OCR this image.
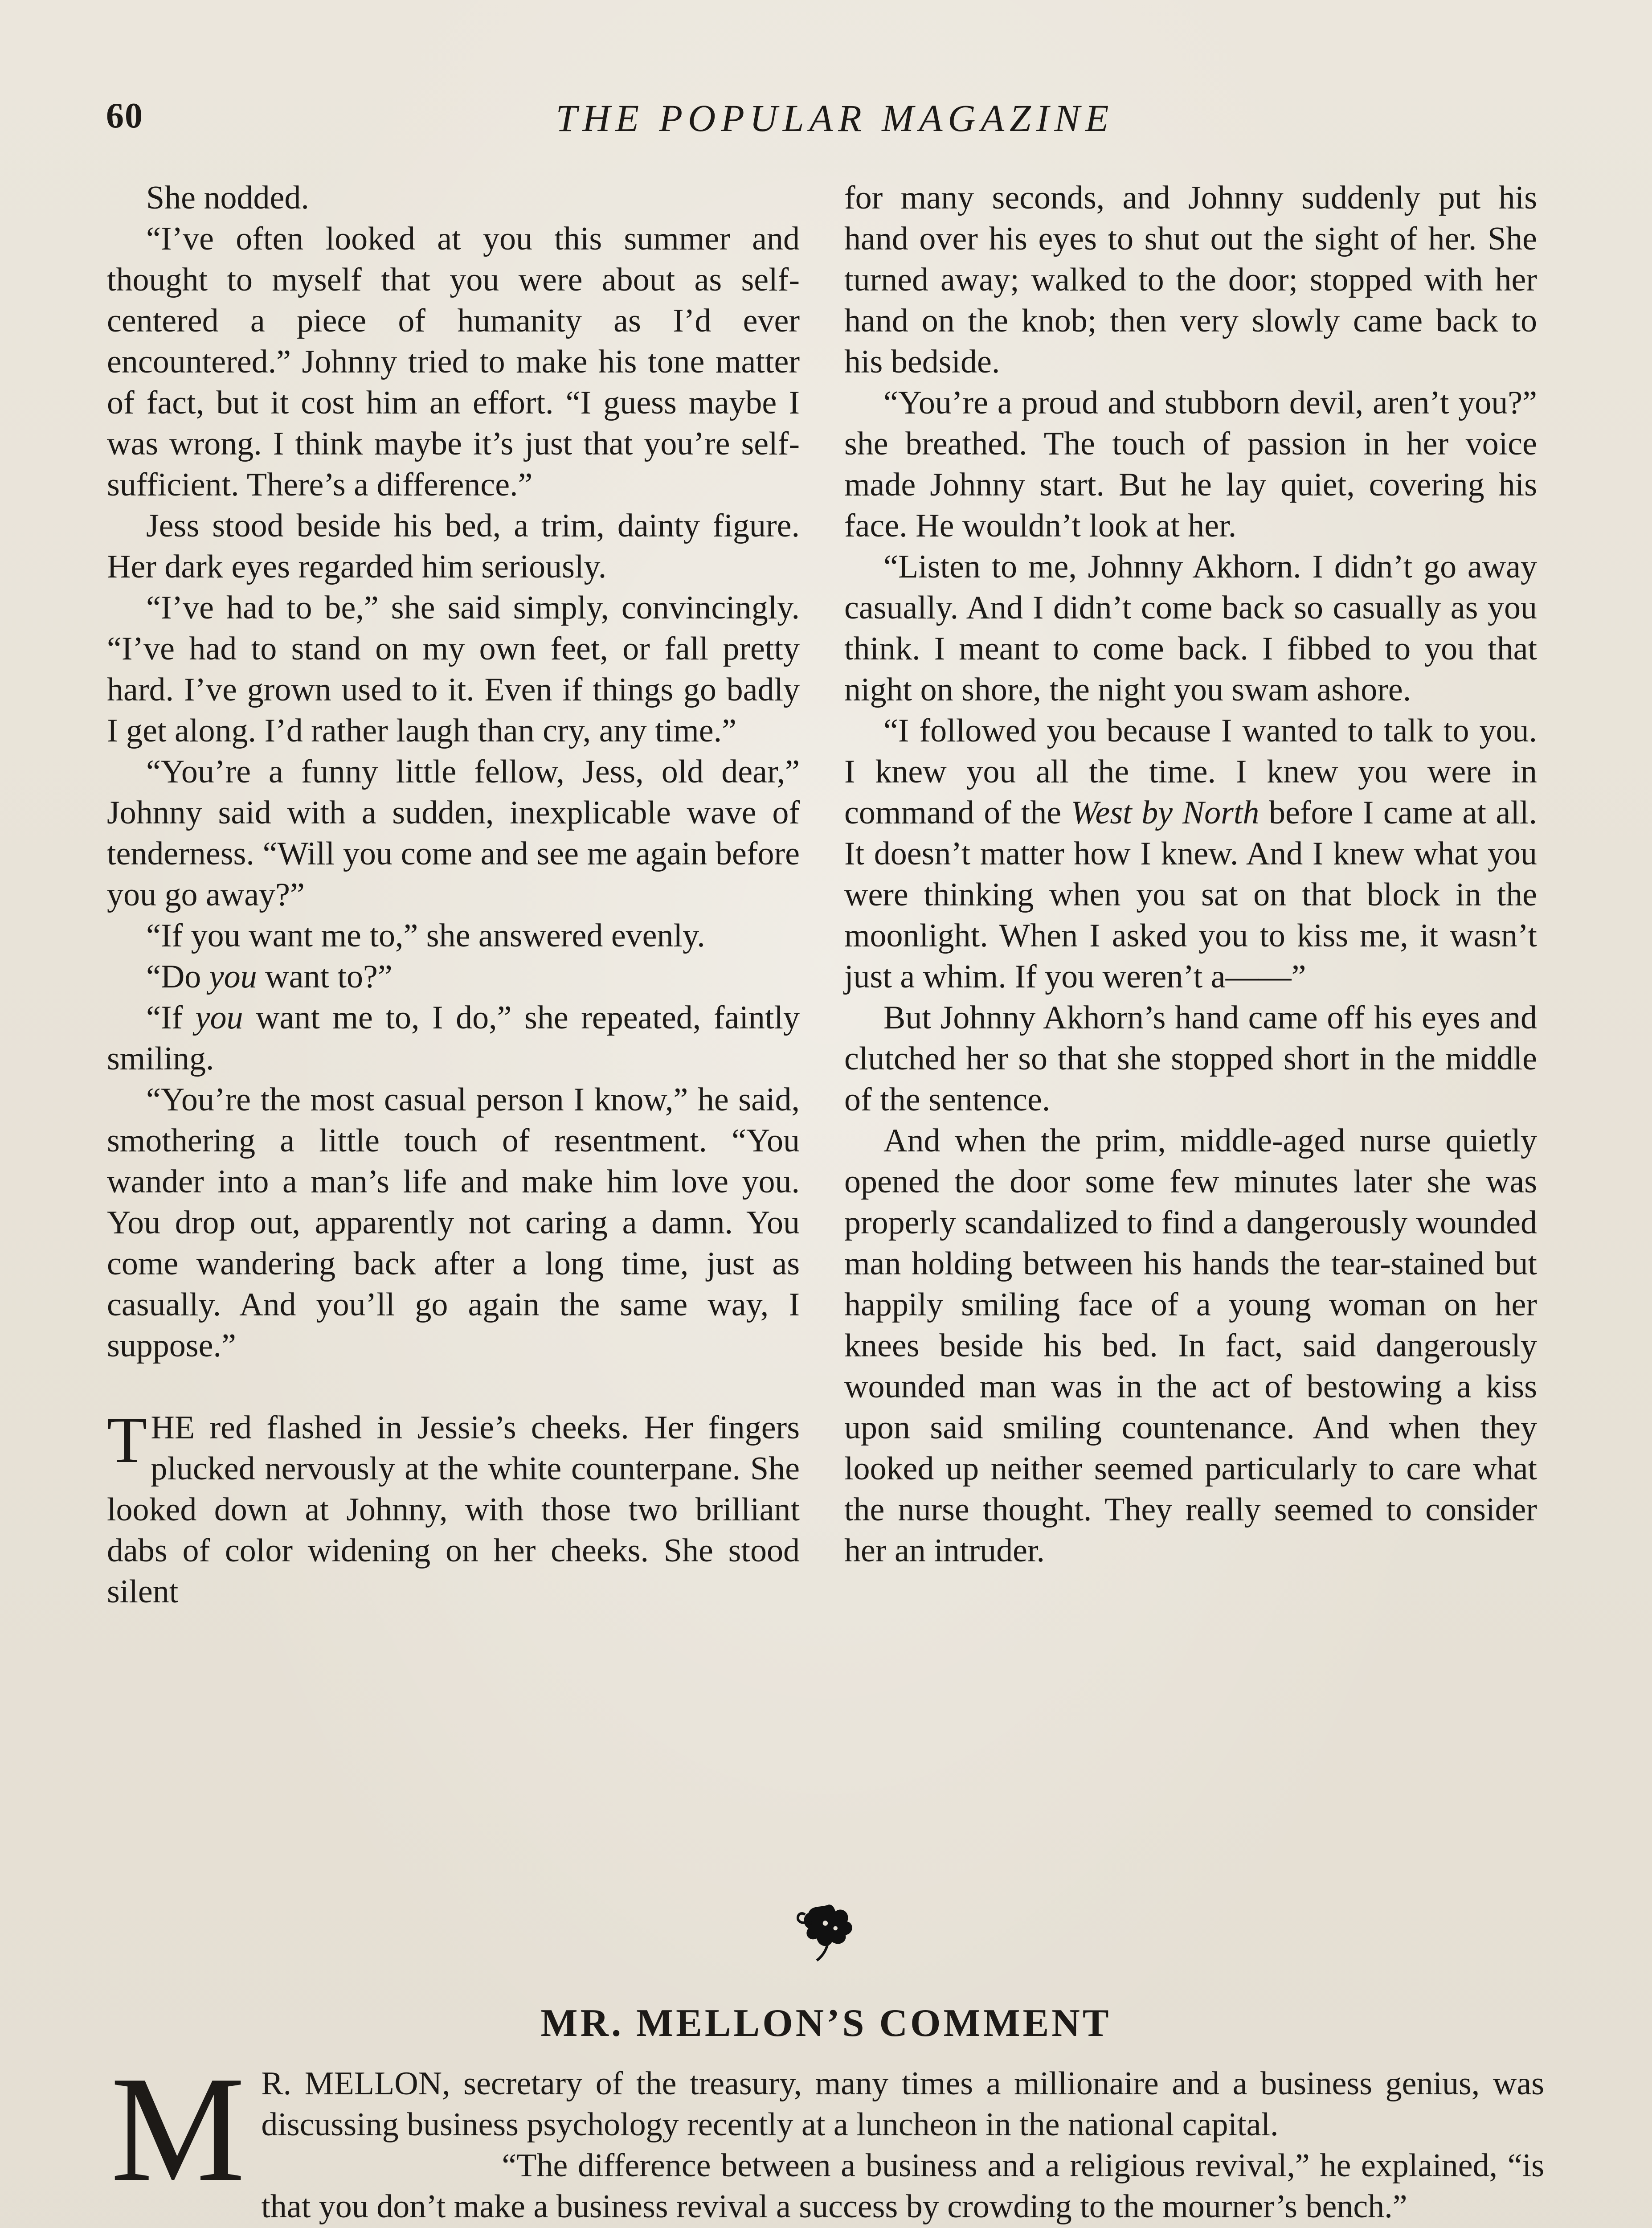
60	THE POPULAR MAGAZINE

She nodded.

“I’ve often looked at you this summer and thought to myself that you were about as self-centered a piece of humanity as I’d ever encountered.” Johnny tried to make his tone matter of fact, but it cost him an effort. “I guess maybe I was wrong. I think maybe it’s just that you’re self-sufficient. There’s a difference.”

Jess stood beside his bed, a trim, dainty figure. Her dark eyes regarded him seriously.

“I’ve had to be,” she said simply, convincingly. “I’ve had to stand on my own feet, or fall pretty hard. I’ve grown used to it. Even if things go badly I get along. I’d rather laugh than cry, any time.”

“You’re a funny little fellow, Jess, old dear,” Johnny said with a sudden, inexplicable wave of tenderness. “Will you come and see me again before you go away?”

“If you want me to,” she answered evenly.

“Do you want to?”

“If you want me to, I do,” she repeated, faintly smiling.

“You’re the most casual person I know,” he said, smothering a little touch of resentment. “You wander into a man’s life and make him love you. You drop out, apparently not caring a damn. You come wandering back after a long time, just as casually. And you’ll go again the same way, I suppose.”

THE red flashed in Jessie’s cheeks. Her fingers plucked nervously at the white counterpane. She looked down at Johnny, with those two brilliant dabs of color widening on her cheeks. She stood silent

for many seconds, and Johnny suddenly put his hand over his eyes to shut out the sight of her. She turned away; walked to the door; stopped with her hand on the knob; then very slowly came back to his bedside.

“You’re a proud and stubborn devil, aren’t you?” she breathed. The touch of passion in her voice made Johnny start. But he lay quiet, covering his face. He wouldn’t look at her.

“Listen to me, Johnny Akhorn. I didn’t go away casually. And I didn’t come back so casually as you think. I meant to come back. I fibbed to you that night on shore, the night you swam ashore.

“I followed you because I wanted to talk to you. I knew you all the time. I knew you were in command of the West by North before I came at all. It doesn’t matter how I knew. And I knew what you were thinking when you sat on that block in the moonlight. When I asked you to kiss me, it wasn’t just a whim. If you weren’t a——”

But Johnny Akhorn’s hand came off his eyes and clutched her so that she stopped short in the middle of the sentence.

And when the prim, middle-aged nurse quietly opened the door some few minutes later she was properly scandalized to find a dangerously wounded man holding between his hands the tear-stained but happily smiling face of a young woman on her knees beside his bed. In fact, said dangerously wounded man was in the act of bestowing a kiss upon said smiling countenance. And when they looked up neither seemed particularly to care what the nurse thought. They really seemed to consider her an intruder.

MR. MELLON’S COMMENT

M R. MELLON, secretary of the treasury, many times a millionaire and a business genius, was discussing business psychology recently at a luncheon in the national capital.

“The difference between a business and a religious revival,” he explained, “is that you don’t make a business revival a success by crowding to the mourner’s bench.”
